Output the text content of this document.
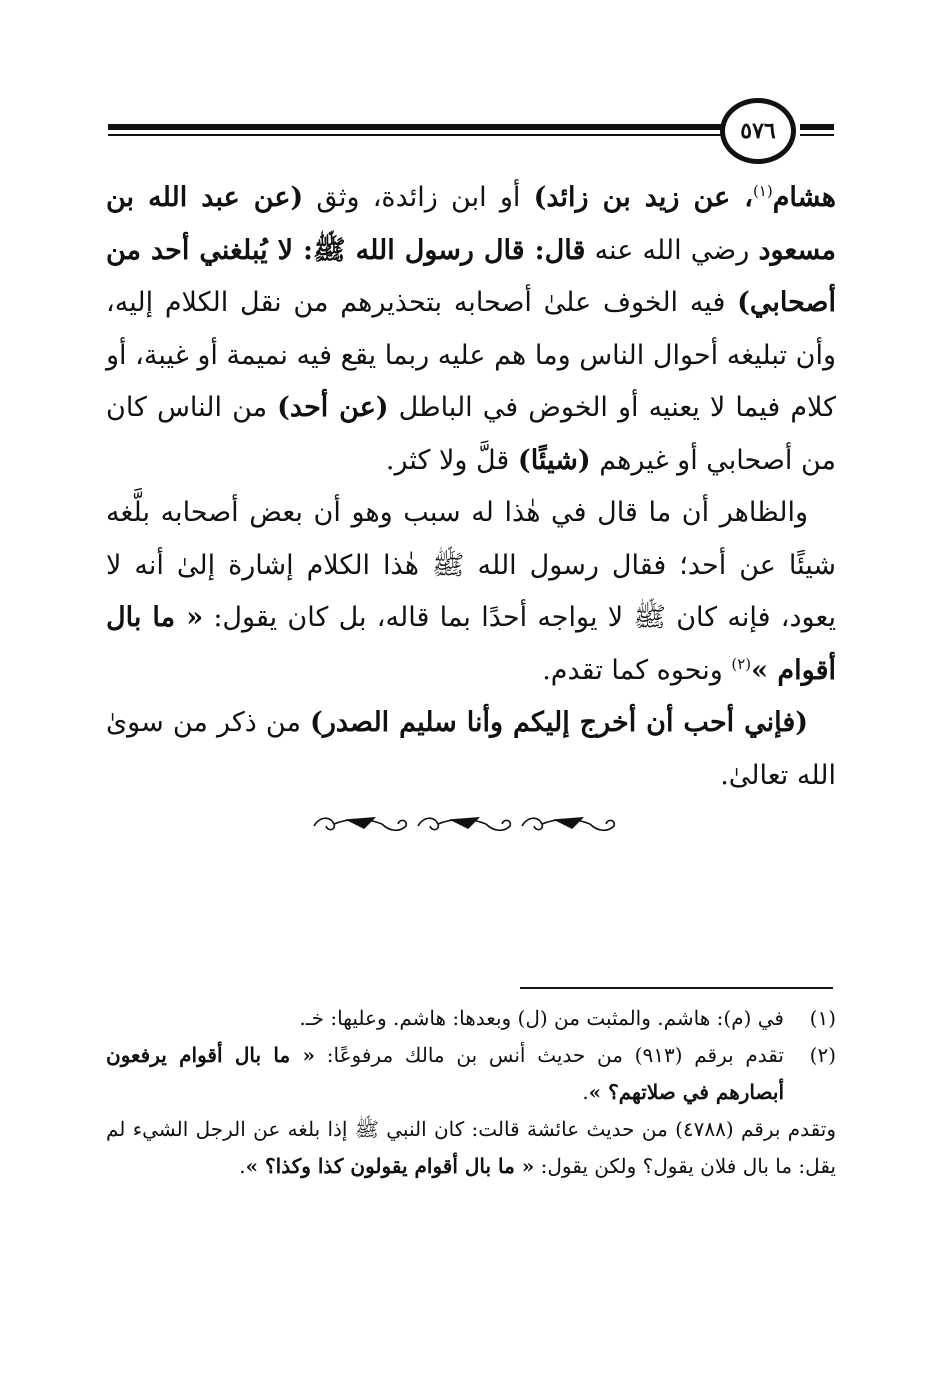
٥٧٦

هشام$^{(١)}$، عن زيد بن زائد) أو ابن زائدة، وثق (عن عبد الله بن مسعود رضي الله عنه قال: قال رسول الله ﷺ: لا يُبلغني أحد من أصحابي) فيه الخوف علىٰ أصحابه بتحذيرهم من نقل الكلام إليه، وأن تبليغه أحوال الناس وما هم عليه ربما يقع فيه نميمة أو غيبة، أو كلام فيما لا يعنيه أو الخوض في الباطل (عن أحد) من الناس كان من أصحابي أو غيرهم (شيئًا) قلَّ ولا كثر.

والظاهر أن ما قال في هٰذا له سبب وهو أن بعض أصحابه بلَّغه شيئًا عن أحد؛ فقال رسول الله ﷺ هٰذا الكلام إشارة إلىٰ أنه لا يعود، فإنه كان ﷺ لا يواجه أحدًا بما قاله، بل كان يقول: « ما بال أقوام »$^{(٢)}$ ونحوه كما تقدم.

(فإني أحب أن أخرج إليكم وأنا سليم الصدر) من ذكر من سوىٰ الله تعالىٰ.

(١)
في (م): هاشم. والمثبت من (ل) وبعدها: هاشم. وعليها: خـ.
(٢)
تقدم برقم (٩١٣) من حديث أنس بن مالك مرفوعًا: « ما بال أقوام يرفعون أبصارهم في صلاتهم؟ ».
وتقدم برقم (٤٧٨٨) من حديث عائشة قالت: كان النبي ﷺ إذا بلغه عن الرجل الشيء لم يقل: ما بال فلان يقول؟ ولكن يقول: « ما بال أقوام يقولون كذا وكذا؟ ».
